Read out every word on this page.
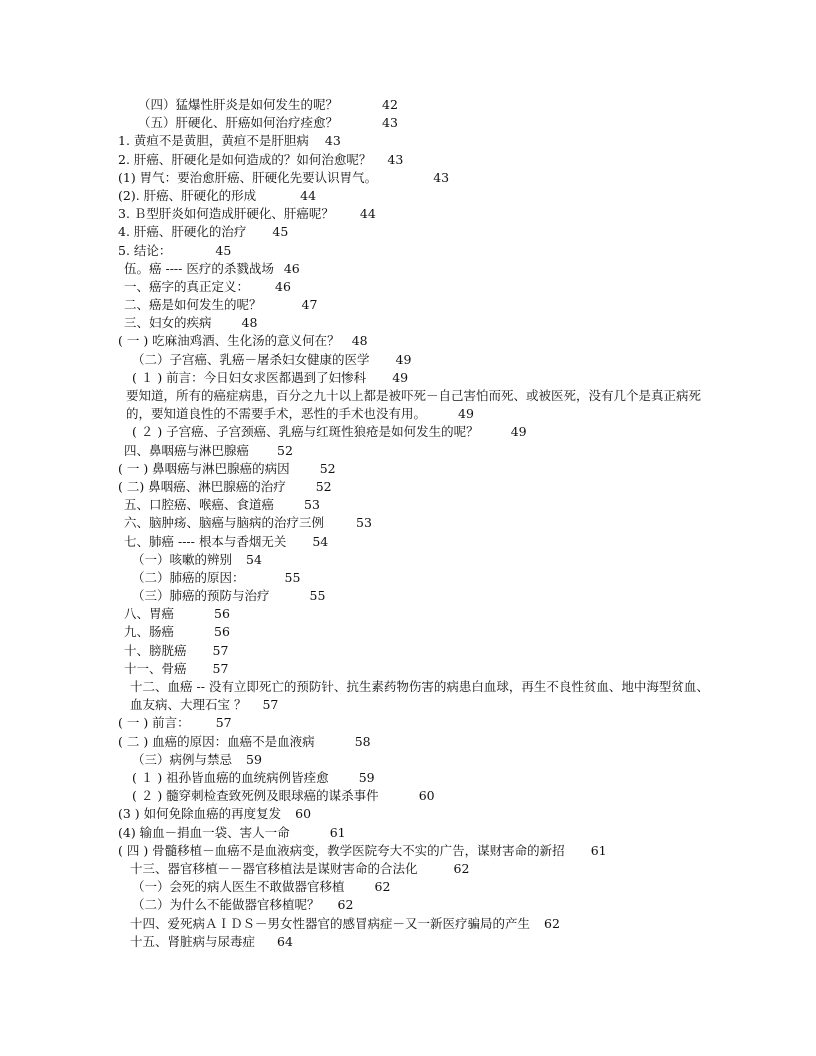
（四）猛爆性肝炎是如何发生的呢？	42
（五）肝硬化、肝癌如何治疗痊愈？	43
1. 黄疸不是黄胆，黄疸不是肝胆病 43
2. 肝癌、肝硬化是如何造成的？如何治愈呢？ 43
(1) 胃气：要治愈肝癌、肝硬化先要认识胃气。	43
(2). 肝癌、肝硬化的形成	44
3. Ｂ型肝炎如何造成肝硬化、肝癌呢？ 44
4. 肝癌、肝硬化的治疗 45
5. 结论：	45
伍。癌 ---- 医疗的杀戮战场 46
一、癌字的真正定义： 46
二、癌是如何发生的呢？	47
三、妇女的疾病 48
( 一 ) 吃麻油鸡酒、生化汤的意义何在？ 48
（二）子宫癌、乳癌－屠杀妇女健康的医学 49
( １ ) 前言：今日妇女求医都遇到了妇惨科 49
要知道，所有的癌症病患，百分之九十以上都是被吓死－自己害怕而死、或被医死，没有几个是真正病死的，要知道良性的不需要手术，恶性的手术也没有用。	49
( ２ ) 子宫癌、子宫颈癌、乳癌与红斑性狼疮是如何发生的呢？	49
四、鼻咽癌与淋巴腺癌 52
( 一 ) 鼻咽癌与淋巴腺癌的病因 52
( 二) 鼻咽癌、淋巴腺癌的治疗 52
五、口腔癌、喉癌、食道癌 53
六、脑肿疡、脑癌与脑病的治疗三例	53
七、肺癌 ---- 根本与香烟无关 54
（一）咳嗽的辨别 54
（二）肺癌的原因：	55
（三）肺癌的预防与治疗	55
八、胃癌	56
九、肠癌	56
十、膀胱癌 57
十一、骨癌 57
十二、血癌 -- 没有立即死亡的预防针、抗生素药物伤害的病患白血球，再生不良性贫血、地中海型贫血、血友病、大理石宝 ？ 57
( 一 ) 前言： 57
( 二 ) 血癌的原因：血癌不是血液病	58
（三）病例与禁忌 59
( １ ) 祖孙皆血癌的血统病例皆痊愈 59
( ２ ) 髓穿刺检查致死例及眼球癌的谋杀事件	60
(3 ) 如何免除血癌的再度复发 60
(4) 输血－捐血一袋、害人一命	61
( 四 ) 骨髓移植－血癌不是血液病变，教学医院夸大不实的广告，谋财害命的新招 61
十三、器官移植－－器官移植法是谋财害命的合法化	62
（一）会死的病人医生不敢做器官移植 62
（二）为什么不能做器官移植呢？ 62
十四、爱死病ＡＩＤＳ－男女性器官的感冒病症－又一新医疗骗局的产生 62
十五、肾脏病与尿毒症 64
